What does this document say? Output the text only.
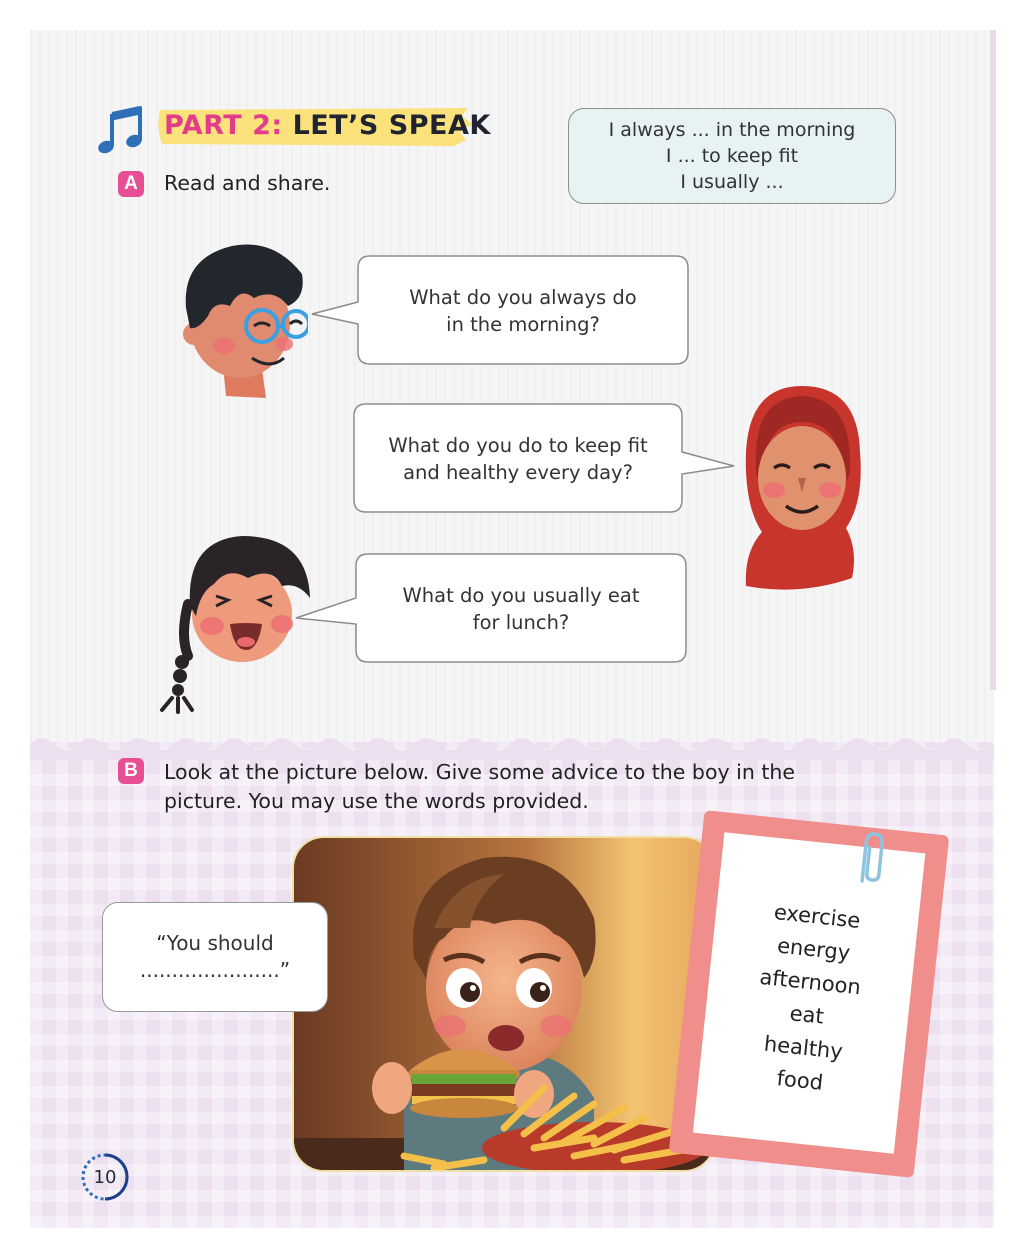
PART 2: LET’S SPEAK
A Read and share.
I always ... in the morning
I ... to keep fit
I usually ...
What do you always do
in the morning?
What do you do to keep fit
and healthy every day?
What do you usually eat
for lunch?
B Look at the picture below. Give some advice to the boy in the
picture. You may use the words provided.
“You should
......................”
exercise
energy
afternoon
eat
healthy
food
10
